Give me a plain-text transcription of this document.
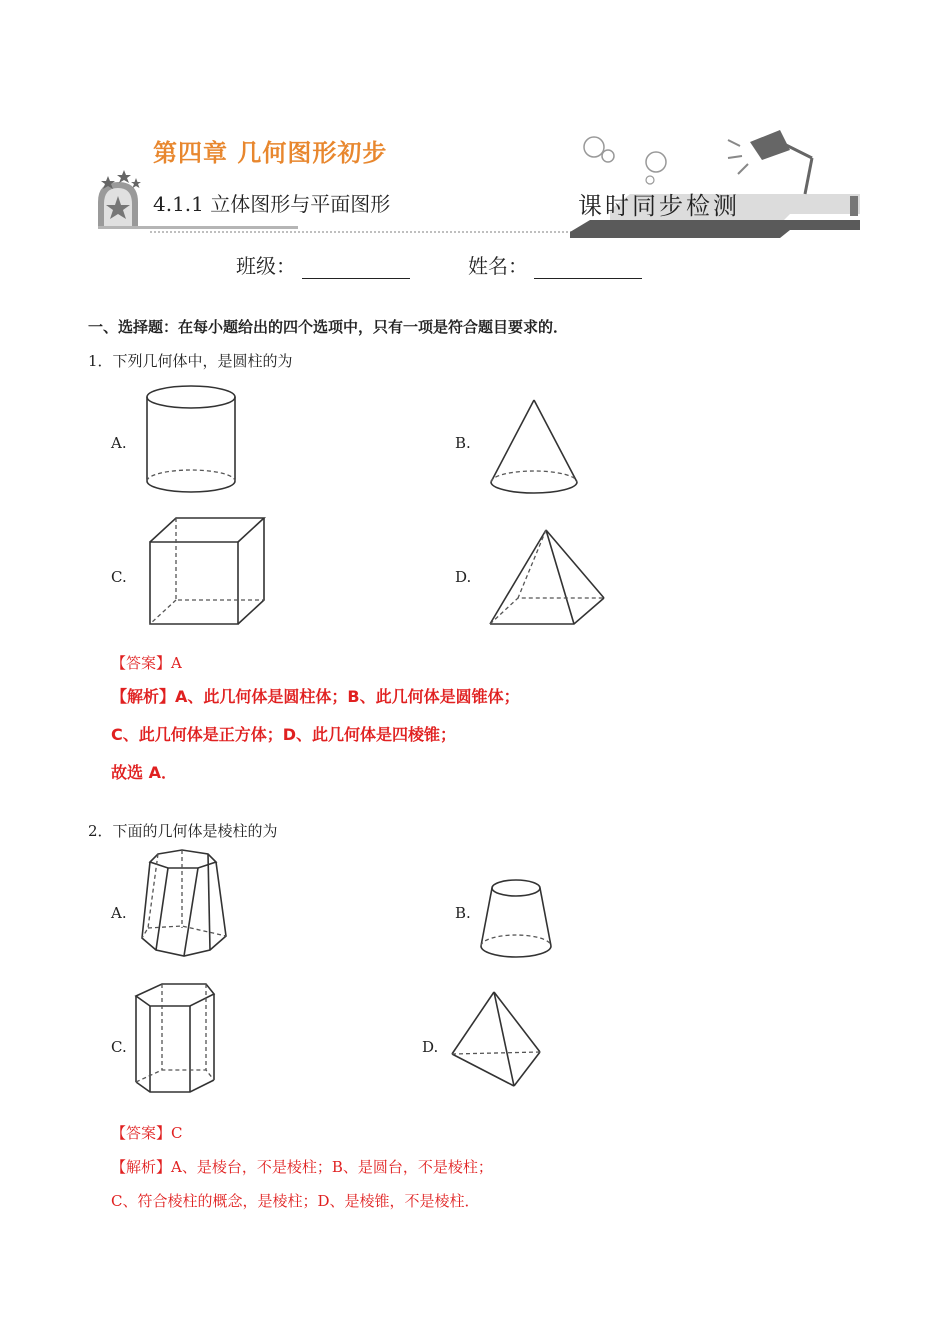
第四章 几何图形初步
4.1.1 立体图形与平面图形	课时同步检测
班级：	姓名：
一、选择题：在每小题给出的四个选项中，只有一项是符合题目要求的．
1．下列几何体中，是圆柱的为
A.	B.
C.	D.
【答案】A
【解析】A、此几何体是圆柱体；B、此几何体是圆锥体；
C、此几何体是正方体；D、此几何体是四棱锥；
故选 A．
2．下面的几何体是棱柱的为
A.	B.
C.	D.
【答案】C
【解析】A、是棱台，不是棱柱；B、是圆台，不是棱柱；
C、符合棱柱的概念，是棱柱；D、是棱锥，不是棱柱．
